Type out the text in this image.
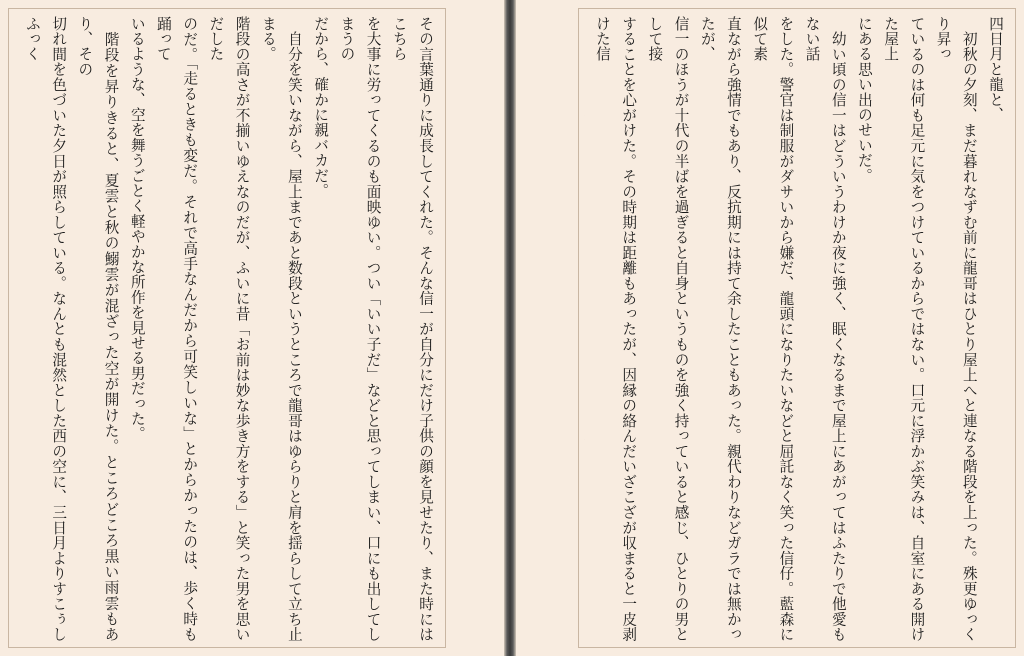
その言葉通りに成長してくれた。そんな信一が自分にだけ子供の顔を見せたり、また時にはこちら

を大事に労ってくるのも面映ゆい。つい「いい子だ」などと思ってしまい、口にも出してしまうの

だから、確かに親バカだ。

　自分を笑いながら、屋上まであと数段というところで龍哥はゆらりと肩を揺らして立ち止まる。

階段の高さが不揃いゆえなのだが、ふいに昔「お前は妙な歩き方をする」と笑った男を思いだした

のだ。「走るときも変だ。それで高手なんだから可笑しいな」とからかったのは、歩く時も踊って

いるような、空を舞うごとく軽やかな所作を見せる男だった。

　階段を昇りきると、夏雲と秋の鰯雲が混ざった空が開けた。ところどころ黒い雨雲もあり、その

切れ間を色づいた夕日が照らしている。なんとも混然とした西の空に、三日月よりすこぅしふっく	四日月と龍と、

　初秋の夕刻、まだ暮れなずむ前に龍哥はひとり屋上へと連なる階段を上った。殊更ゆっくり昇っ

ているのは何も足元に気をつけているからではない。口元に浮かぶ笑みは、自室にある開けた屋上

にある思い出のせいだ。

　幼い頃の信一はどういうわけか夜に強く、眠くなるまで屋上にあがってはふたりで他愛もない話

をした。警官は制服がダサいから嫌だ、龍頭になりたいなどと屈託なく笑った信仔。藍森に似て素

直ながら強情でもあり、反抗期には持て余したこともあった。親代わりなどガラでは無かったが、

信一のほうが十代の半ばを過ぎると自身というものを強く持っていると感じ、ひとりの男として接

することを心がけた。その時期は距離もあったが、因縁の絡んだいざこざが収まると一皮剥けた信
